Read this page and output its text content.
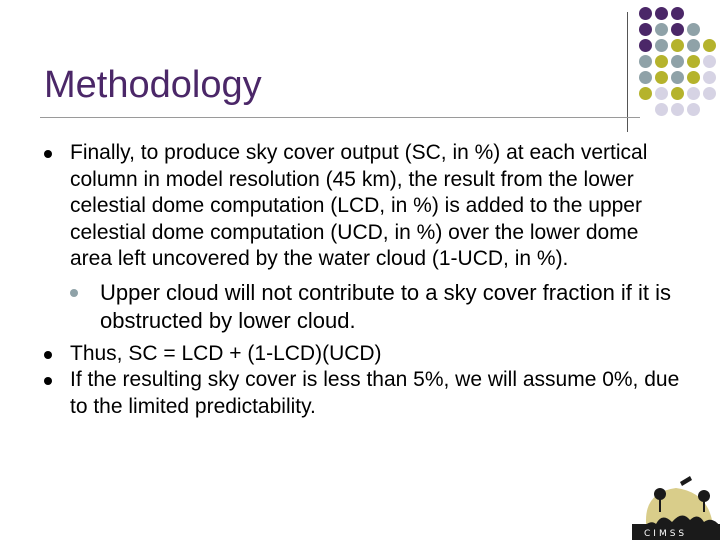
Methodology
Finally, to produce sky cover output (SC, in %) at each vertical column in model resolution (45 km), the result from the lower celestial dome computation (LCD, in %) is added to the upper celestial dome computation (UCD, in %) over the lower dome area left uncovered by the water cloud (1-UCD, in %).
Upper cloud will not contribute to a sky cover fraction if it is obstructed by lower cloud.
Thus, SC = LCD + (1-LCD)(UCD)
If the resulting sky cover is less than 5%, we will assume 0%, due to the limited predictability.
CIMSS
